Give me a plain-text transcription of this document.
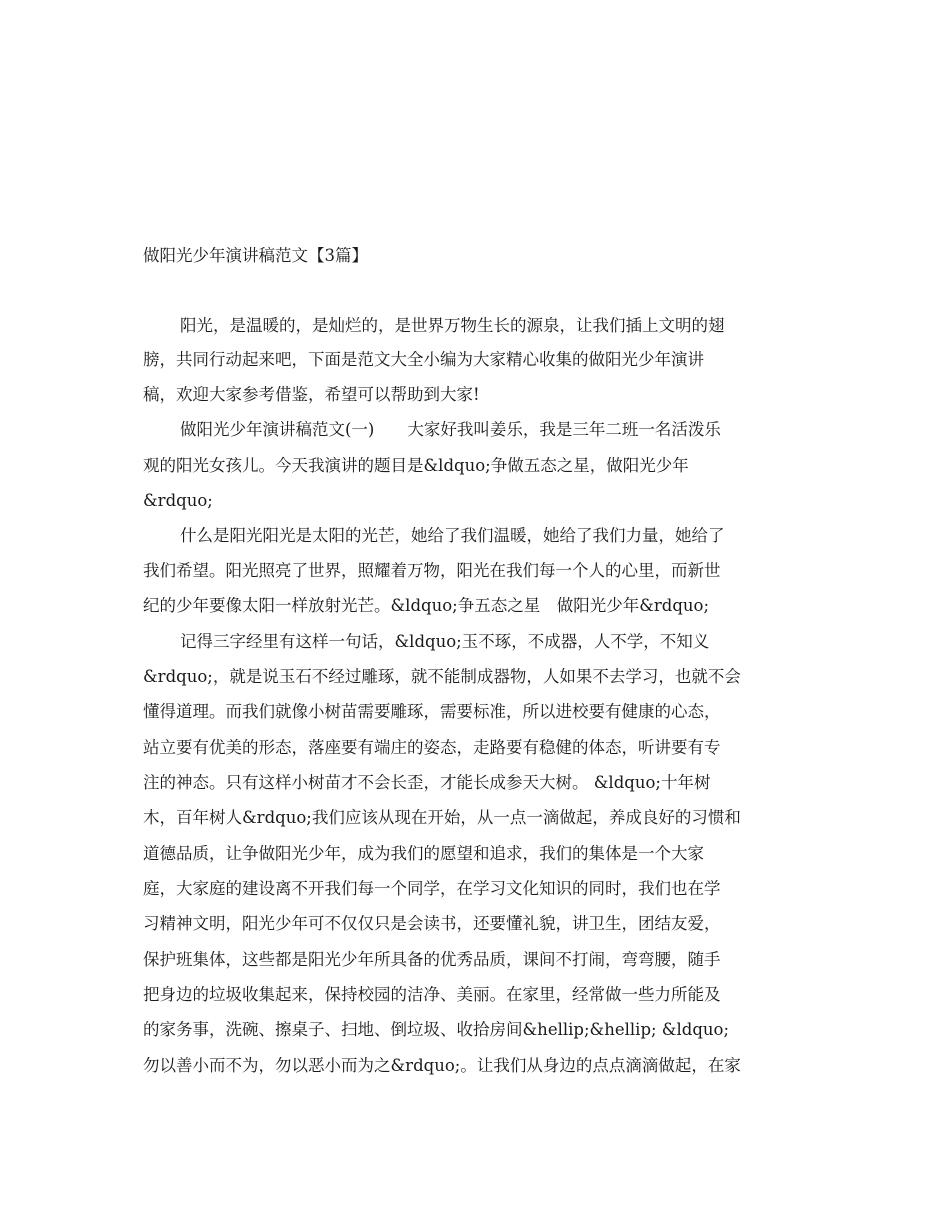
做阳光少年演讲稿范文【3篇】

阳光，是温暖的，是灿烂的，是世界万物生长的源泉，让我们插上文明的翅

膀，共同行动起来吧，下面是范文大全小编为大家精心收集的做阳光少年演讲

稿，欢迎大家参考借鉴，希望可以帮助到大家!

做阳光少年演讲稿范文(一)　　大家好我叫姜乐，我是三年二班一名活泼乐

观的阳光女孩儿。今天我演讲的题目是&ldquo;争做五态之星，做阳光少年

&rdquo;

什么是阳光阳光是太阳的光芒，她给了我们温暖，她给了我们力量，她给了

我们希望。阳光照亮了世界，照耀着万物，阳光在我们每一个人的心里，而新世

纪的少年要像太阳一样放射光芒。&ldquo;争五态之星　做阳光少年&rdquo;

记得三字经里有这样一句话，&ldquo;玉不琢，不成器，人不学，不知义

&rdquo;，就是说玉石不经过雕琢，就不能制成器物，人如果不去学习，也就不会

懂得道理。而我们就像小树苗需要雕琢，需要标准，所以进校要有健康的心态，

站立要有优美的形态，落座要有端庄的姿态，走路要有稳健的体态，听讲要有专

注的神态。只有这样小树苗才不会长歪，才能长成参天大树。 &ldquo;十年树

木，百年树人&rdquo;我们应该从现在开始，从一点一滴做起，养成良好的习惯和

道德品质，让争做阳光少年，成为我们的愿望和追求，我们的集体是一个大家

庭，大家庭的建设离不开我们每一个同学，在学习文化知识的同时，我们也在学

习精神文明，阳光少年可不仅仅只是会读书，还要懂礼貌，讲卫生，团结友爱，

保护班集体，这些都是阳光少年所具备的优秀品质，课间不打闹，弯弯腰，随手

把身边的垃圾收集起来，保持校园的洁净、美丽。在家里，经常做一些力所能及

的家务事，洗碗、擦桌子、扫地、倒垃圾、收拾房间&hellip;&hellip; &ldquo;

勿以善小而不为，勿以恶小而为之&rdquo;。让我们从身边的点点滴滴做起，在家
